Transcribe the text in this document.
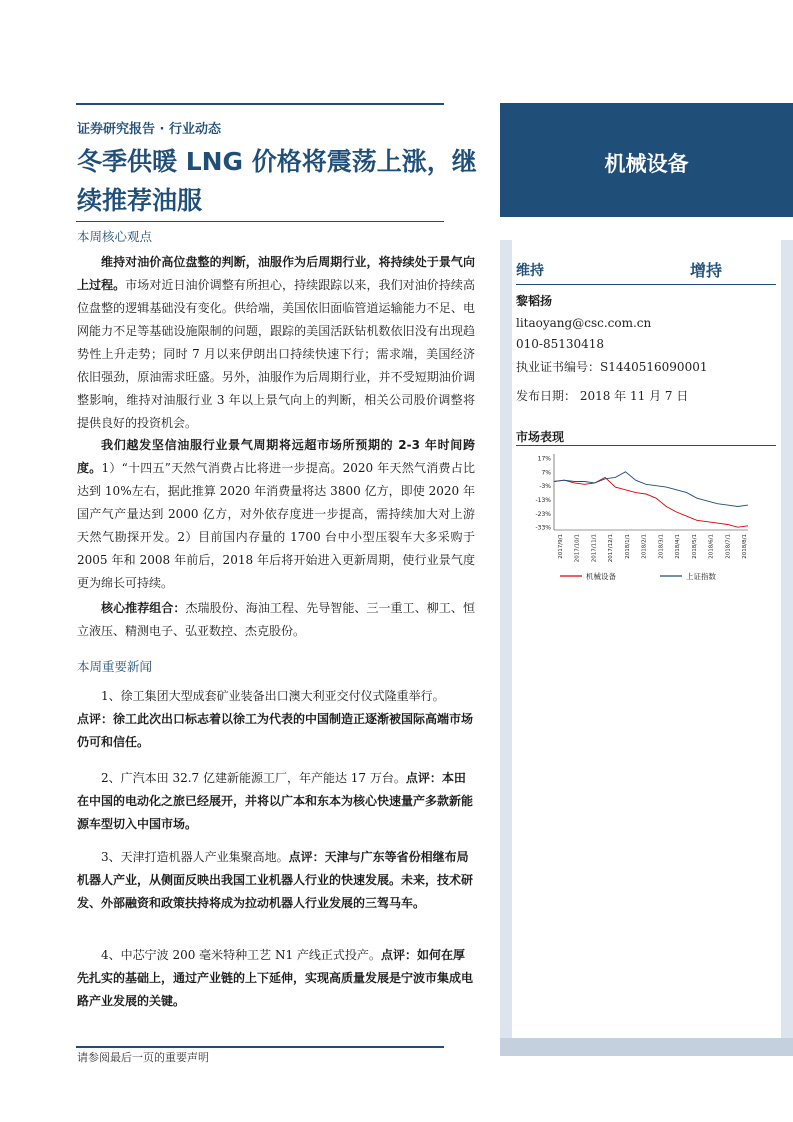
证券研究报告 · 行业动态
冬季供暖 LNG 价格将震荡上涨，继续推荐油服
本周核心观点
维持对油价高位盘整的判断，油服作为后周期行业，将持续处于景气向上过程。市场对近日油价调整有所担心，持续跟踪以来，我们对油价持续高位盘整的逻辑基础没有变化。供给端，美国依旧面临管道运输能力不足、电网能力不足等基础设施限制的问题，跟踪的美国活跃钻机数依旧没有出现趋势性上升走势；同时 7 月以来伊朗出口持续快速下行；需求端，美国经济依旧强劲，原油需求旺盛。另外，油服作为后周期行业，并不受短期油价调整影响，维持对油服行业 3 年以上景气向上的判断，相关公司股价调整将提供良好的投资机会。
我们越发坚信油服行业景气周期将远超市场所预期的 2-3 年时间跨度。1）“十四五”天然气消费占比将进一步提高。2020 年天然气消费占比达到 10%左右，据此推算 2020 年消费量将达 3800 亿方，即使 2020 年国产气产量达到 2000 亿方，对外依存度进一步提高，需持续加大对上游天然气勘探开发。2）目前国内存量的 1700 台中小型压裂车大多采购于 2005 年和 2008 年前后，2018 年后将开始进入更新周期，使行业景气度更为绵长可持续。
核心推荐组合：杰瑞股份、海油工程、先导智能、三一重工、柳工、恒立液压、精测电子、弘亚数控、杰克股份。
本周重要新闻
1、徐工集团大型成套矿业装备出口澳大利亚交付仪式隆重举行。
点评：徐工此次出口标志着以徐工为代表的中国制造正逐渐被国际高端市场仍可和信任。
2、广汽本田 32.7 亿建新能源工厂，年产能达 17 万台。点评：本田在中国的电动化之旅已经展开，并将以广本和东本为核心快速量产多款新能源车型切入中国市场。
3、天津打造机器人产业集聚高地。点评：天津与广东等省份相继布局机器人产业，从侧面反映出我国工业机器人行业的快速发展。未来，技术研发、外部融资和政策扶持将成为拉动机器人行业发展的三驾马车。
4、中芯宁波 200 毫米特种工艺 N1 产线正式投产。点评：如何在厚先扎实的基础上，通过产业链的上下延伸，实现高质量发展是宁波市集成电路产业发展的关键。
请参阅最后一页的重要声明
机械设备
维持	增持
黎韬扬
litaoyang@csc.com.cn
010-85130418
执业证书编号：S1440516090001
发布日期： 2018 年 11 月 7 日
市场表现
17%
7%
-3%
-13%
-23%
-33%
2017/9/1 2017/10/1 2017/11/1 2017/12/1 2018/1/1 2018/2/1 2018/3/1 2018/4/1 2018/5/1 2018/6/1 2018/7/1 2018/8/1
机械设备	上证指数
